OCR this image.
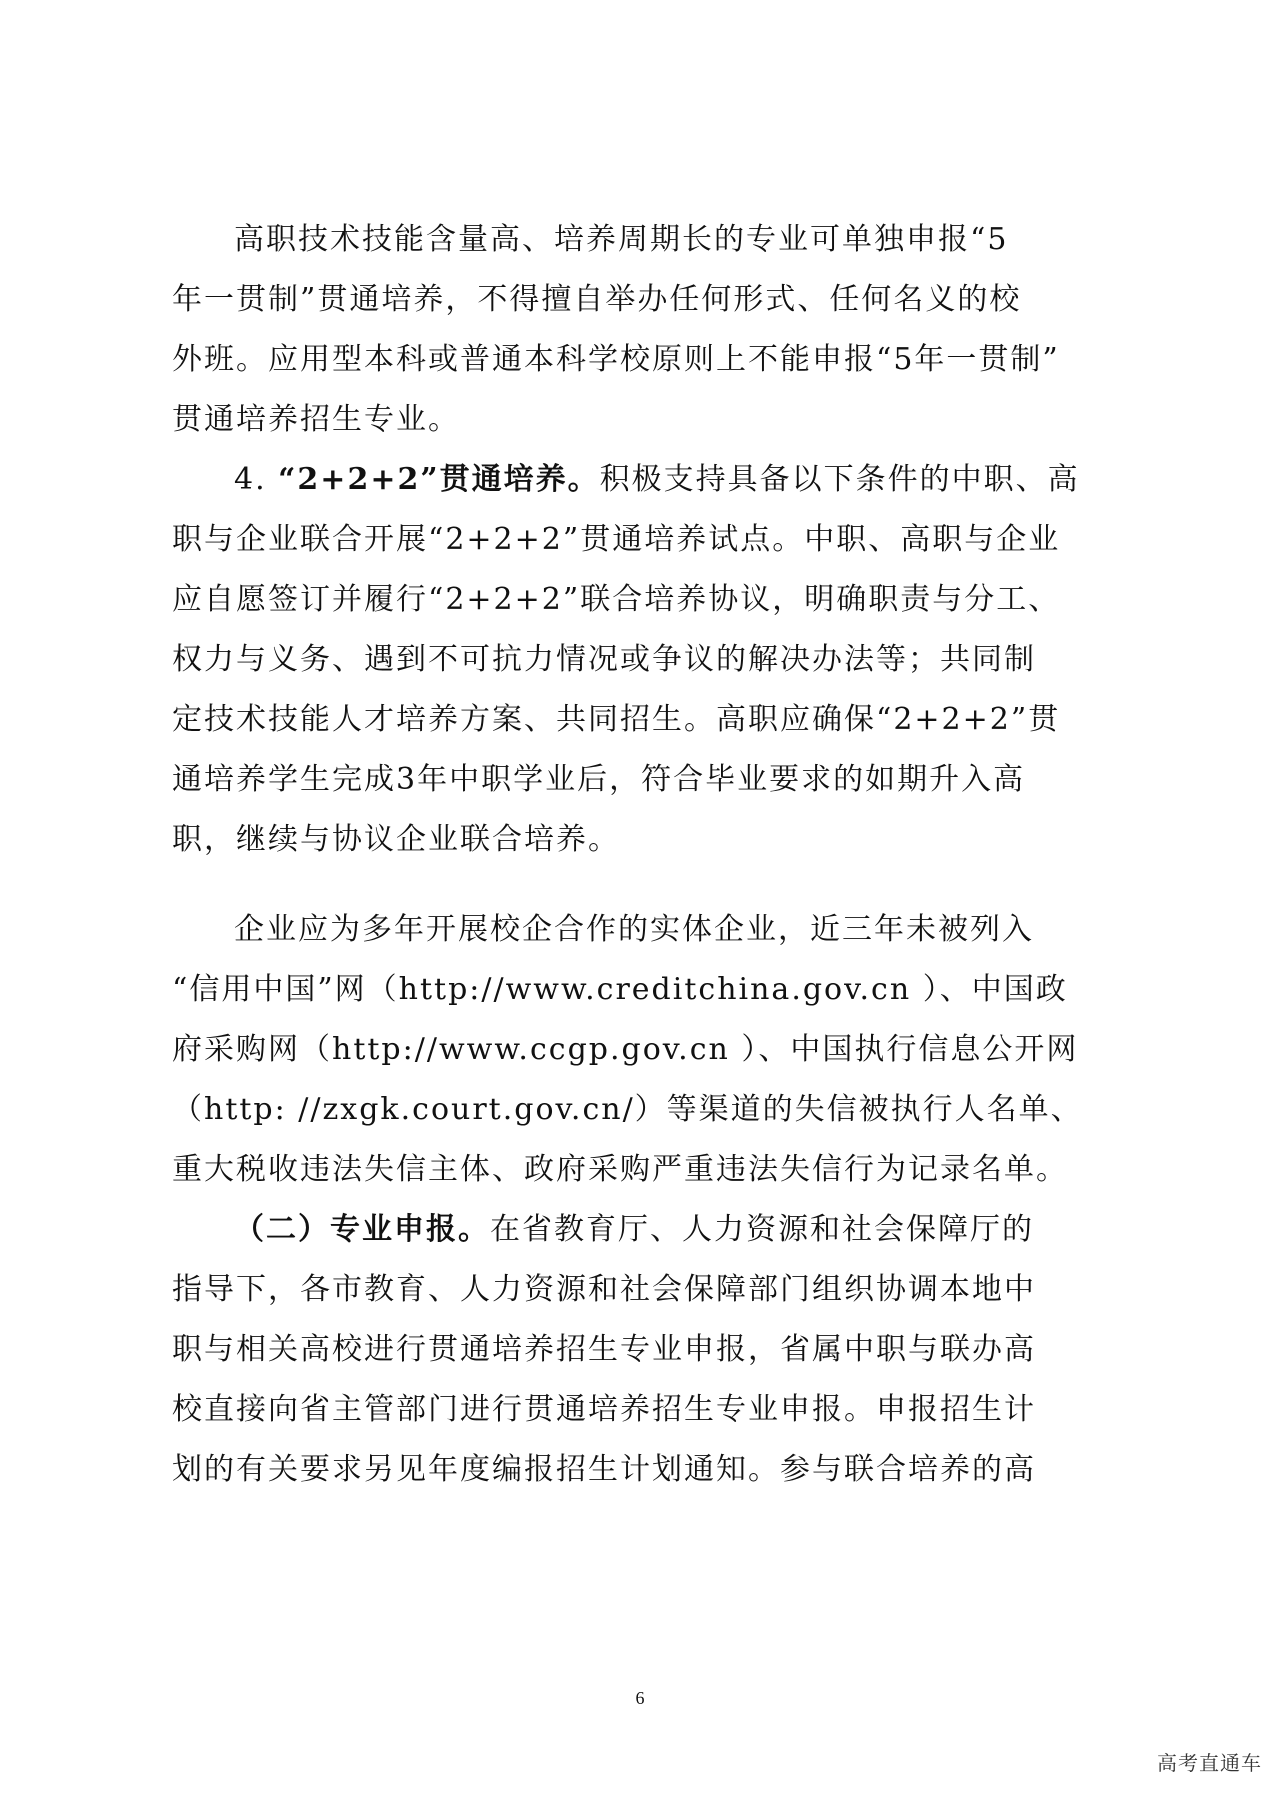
高职技术技能含量高、培养周期长的专业可单独申报“5
年一贯制”贯通培养，不得擅自举办任何形式、任何名义的校
外班。应用型本科或普通本科学校原则上不能申报“5年一贯制”
贯通培养招生专业。
4. “2+2+2”贯通培养。积极支持具备以下条件的中职、高
职与企业联合开展“2+2+2”贯通培养试点。中职、高职与企业
应自愿签订并履行“2+2+2”联合培养协议，明确职责与分工、
权力与义务、遇到不可抗力情况或争议的解决办法等；共同制
定技术技能人才培养方案、共同招生。高职应确保“2+2+2”贯
通培养学生完成3年中职学业后，符合毕业要求的如期升入高
职，继续与协议企业联合培养。
企业应为多年开展校企合作的实体企业，近三年未被列入
“信用中国”网（http://www.creditchina.gov.cn ）、中国政
府采购网（http://www.ccgp.gov.cn ）、中国执行信息公开网
（http: //zxgk.court.gov.cn/）等渠道的失信被执行人名单、
重大税收违法失信主体、政府采购严重违法失信行为记录名单。
（二）专业申报。在省教育厅、人力资源和社会保障厅的
指导下，各市教育、人力资源和社会保障部门组织协调本地中
职与相关高校进行贯通培养招生专业申报，省属中职与联办高
校直接向省主管部门进行贯通培养招生专业申报。申报招生计
划的有关要求另见年度编报招生计划通知。参与联合培养的高
6
高考直通车
